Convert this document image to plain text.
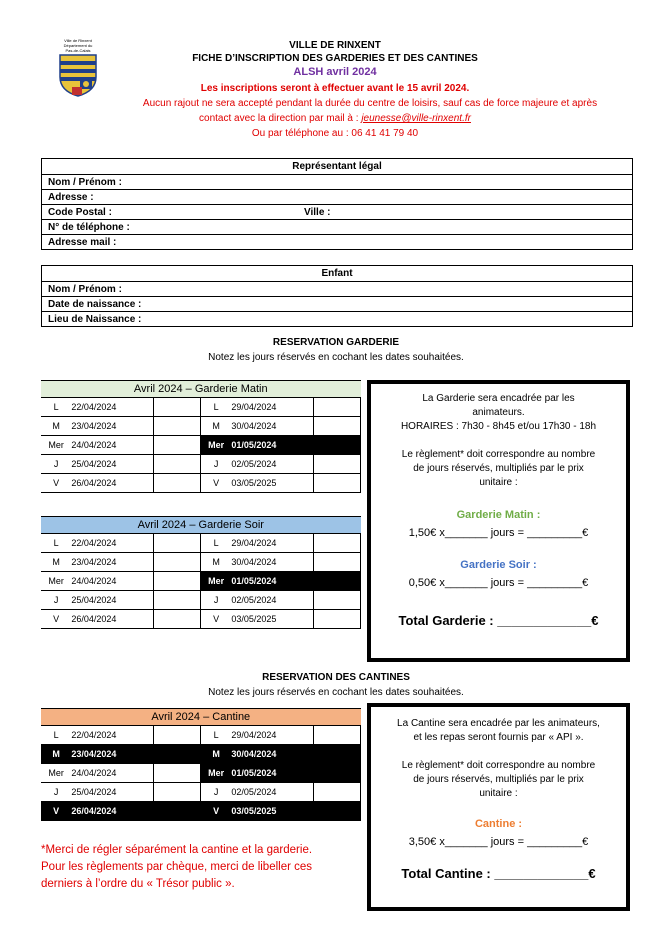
Ville de Rinxent
Département du
Pas-de-Calais	VILLE DE RINXENT
FICHE D’INSCRIPTION DES GARDERIES ET DES CANTINES
ALSH avril 2024
Les inscriptions seront à effectuer avant le 15 avril 2024.
Aucun rajout ne sera accepté pendant la durée du centre de loisirs, sauf cas de force majeure et après
contact avec la direction par mail à : jeunesse@ville-rinxent.fr
Ou par téléphone au : 06 41 41 79 40
Représentant légal
Nom / Prénom :
Adresse :
Code Postal :	Ville :
N° de téléphone :
Adresse mail :
Enfant
Nom / Prénom :
Date de naissance :
Lieu de Naissance :
RESERVATION GARDERIE
Notez les jours réservés en cochant les dates souhaitées.
Avril 2024 – Garderie Matin					
L	22/04/2024		L	29/04/2024	
M	23/04/2024		M	30/04/2024	
Mer	24/04/2024		Mer	01/05/2024	
J	25/04/2024		J	02/05/2024	
V	26/04/2024		V	03/05/2025	
Avril 2024 – Garderie Soir					
L	22/04/2024		L	29/04/2024	
M	23/04/2024		M	30/04/2024	
Mer	24/04/2024		Mer	01/05/2024	
J	25/04/2024		J	02/05/2024	
V	26/04/2024		V	03/05/2025	

La Garderie sera encadrée par les

animateurs.

HORAIRES : 7h30 - 8h45 et/ou 17h30 - 18h

Le règlement* doit correspondre au nombre

de jours réservés, multipliés par le prix

unitaire :

Garderie Matin :

1,50€ x_______ jours = _________€

Garderie Soir :

0,50€ x_______ jours = _________€

Total Garderie : _____________€

RESERVATION DES CANTINES
Notez les jours réservés en cochant les dates souhaitées.
Avril 2024 – Cantine					
L	22/04/2024		L	29/04/2024	
M	23/04/2024		M	30/04/2024	
Mer	24/04/2024		Mer	01/05/2024	
J	25/04/2024		J	02/05/2024	
V	26/04/2024		V	03/05/2025	

La Cantine sera encadrée par les animateurs,

et les repas seront fournis par « API ».

Le règlement* doit correspondre au nombre

de jours réservés, multipliés par le prix

unitaire :

Cantine :

3,50€ x_______ jours = _________€

Total Cantine : _____________€

*Merci de régler séparément la cantine et la garderie.
Pour les règlements par chèque, merci de libeller ces
derniers à l’ordre du « Trésor public ».
